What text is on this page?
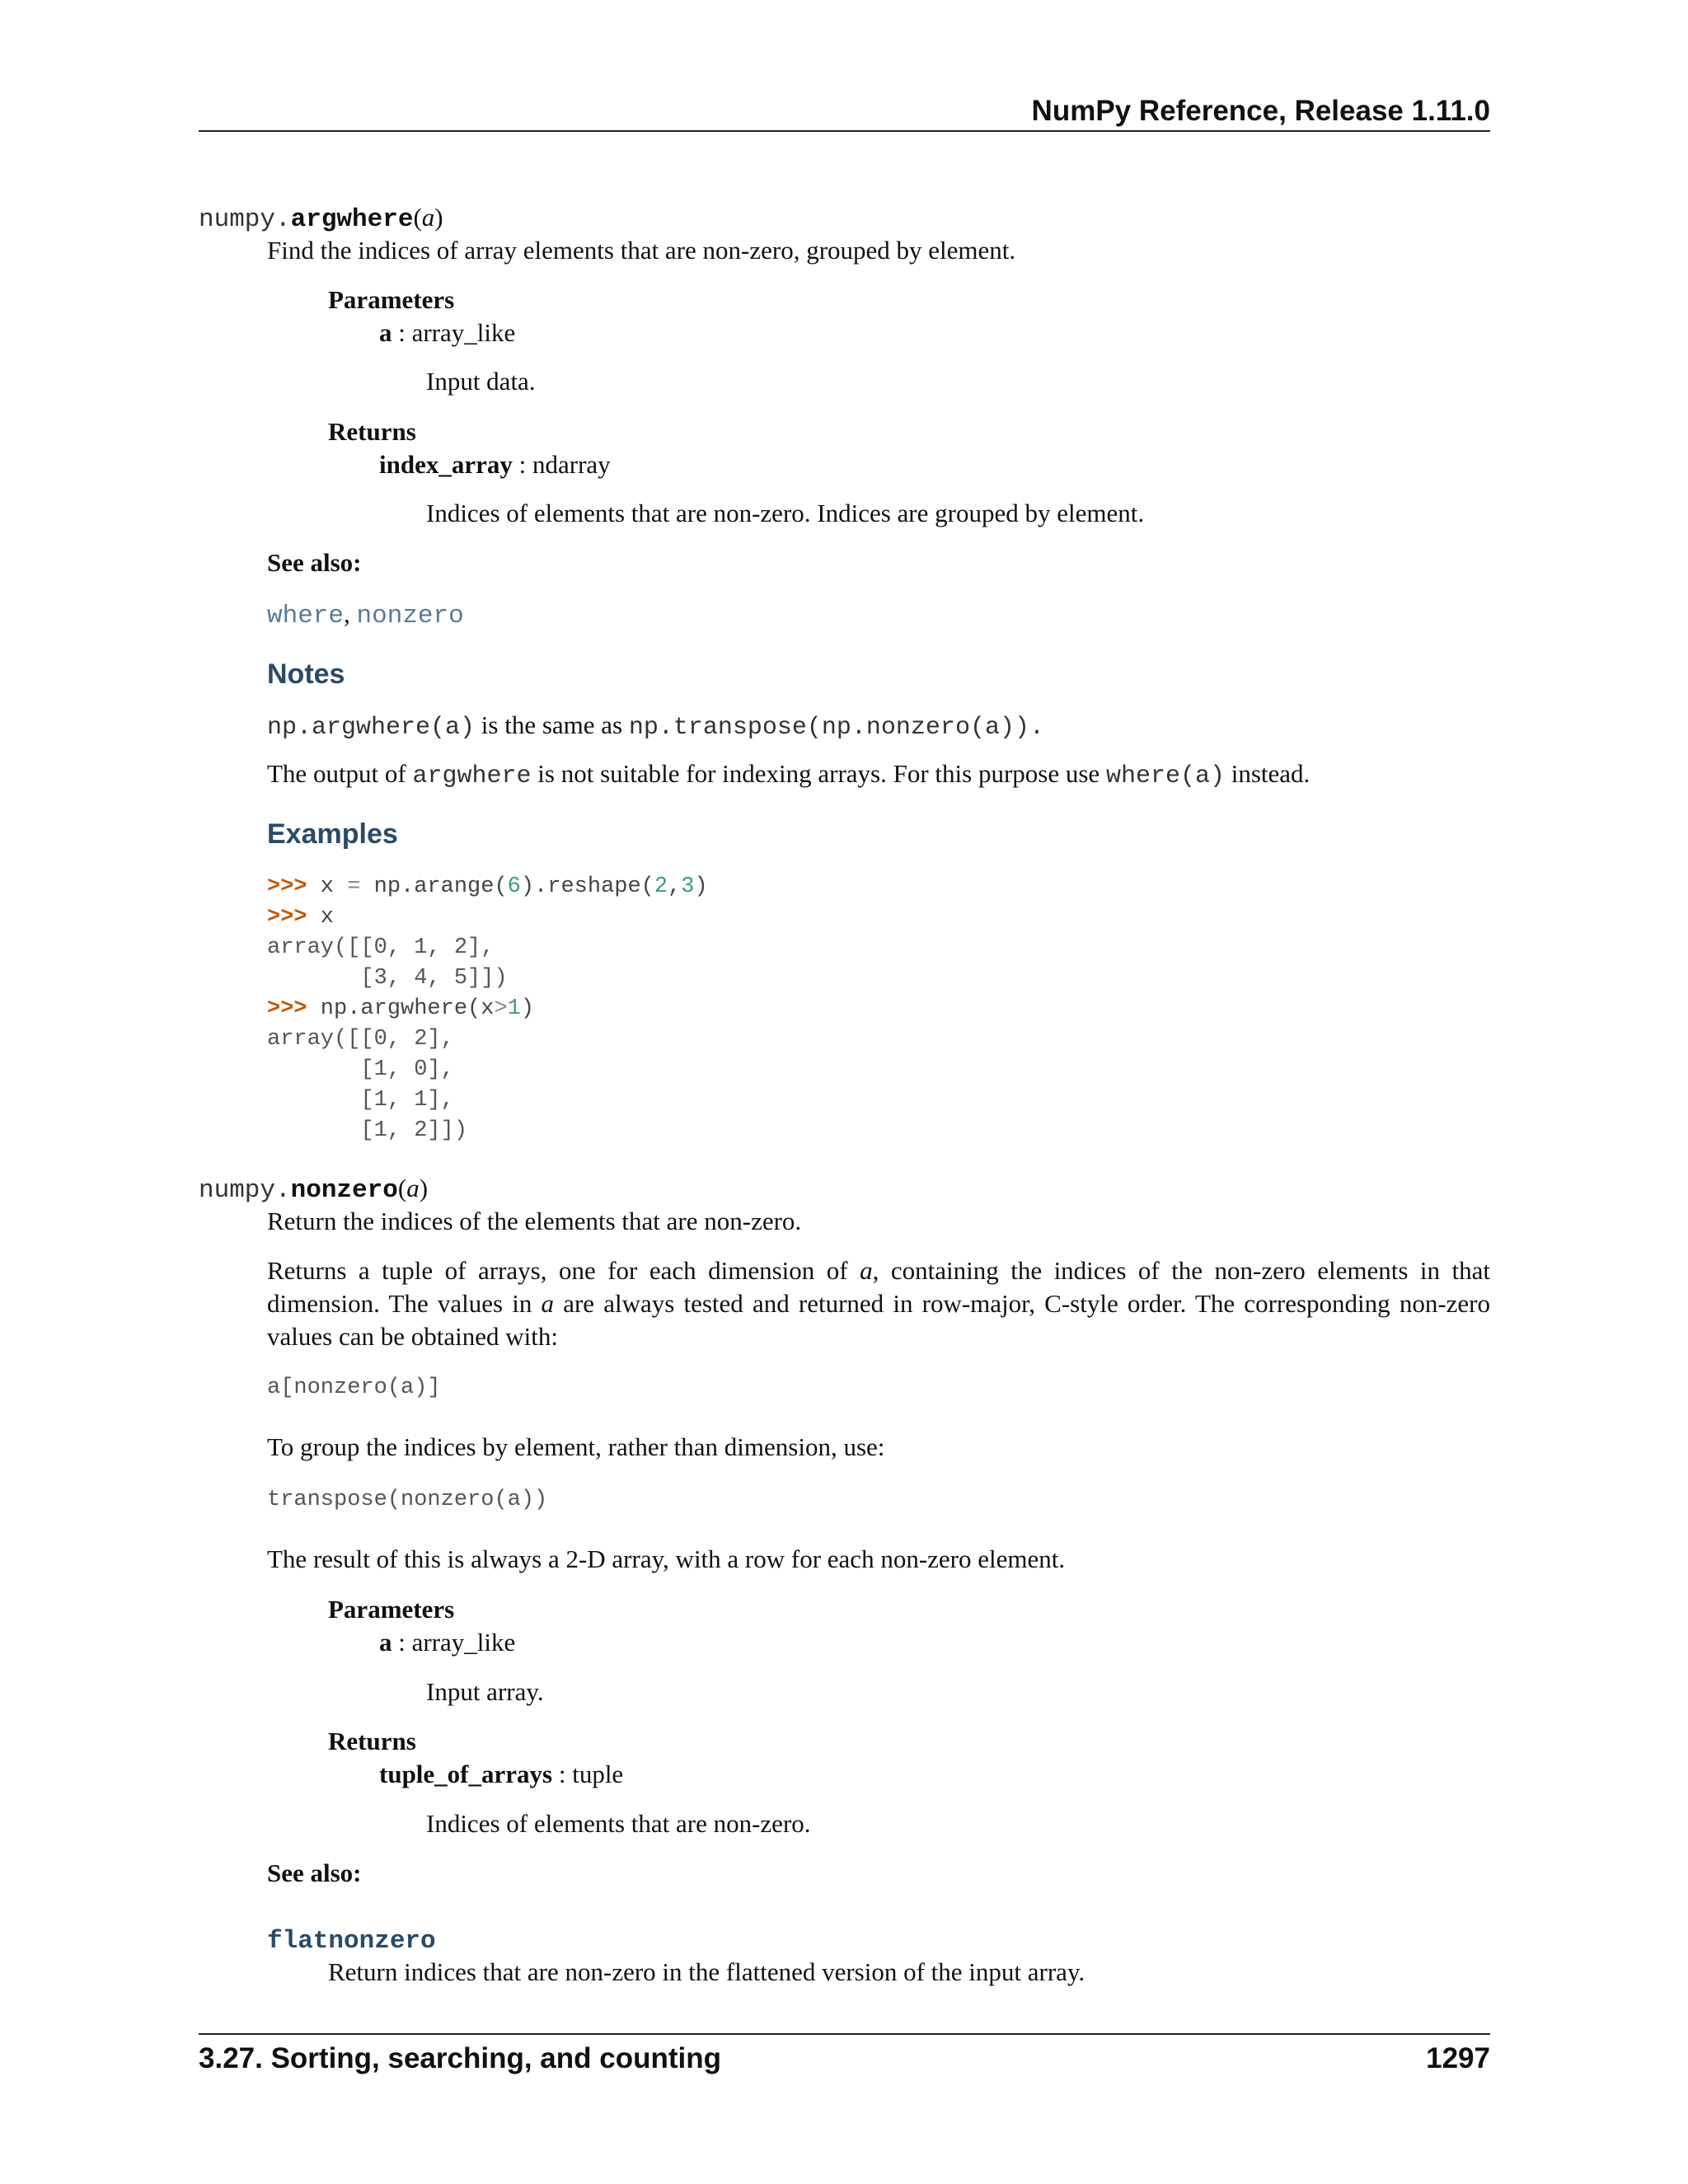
NumPy Reference, Release 1.11.0
numpy.argwhere(a)
Find the indices of array elements that are non-zero, grouped by element.
Parameters
a : array_like
Input data.
Returns
index_array : ndarray
Indices of elements that are non-zero. Indices are grouped by element.
See also:
where, nonzero
Notes
np.argwhere(a) is the same as np.transpose(np.nonzero(a)).
The output of argwhere is not suitable for indexing arrays. For this purpose use where(a) instead.
Examples
>>> x = np.arange(6).reshape(2,3)
>>> x
array([[0, 1, 2],
[3, 4, 5]])
>>> np.argwhere(x>1)
array([[0, 2],
[1, 0],
[1, 1],
[1, 2]])
numpy.nonzero(a)
Return the indices of the elements that are non-zero.
Returns a tuple of arrays, one for each dimension of a, containing the indices of the non-zero elements in that dimension. The values in a are always tested and returned in row-major, C-style order. The corresponding non-zero values can be obtained with:
a[nonzero(a)]
To group the indices by element, rather than dimension, use:
transpose(nonzero(a))
The result of this is always a 2-D array, with a row for each non-zero element.
Parameters
a : array_like
Input array.
Returns
tuple_of_arrays : tuple
Indices of elements that are non-zero.
See also:
flatnonzero
Return indices that are non-zero in the flattened version of the input array.
3.27. Sorting, searching, and counting	1297
